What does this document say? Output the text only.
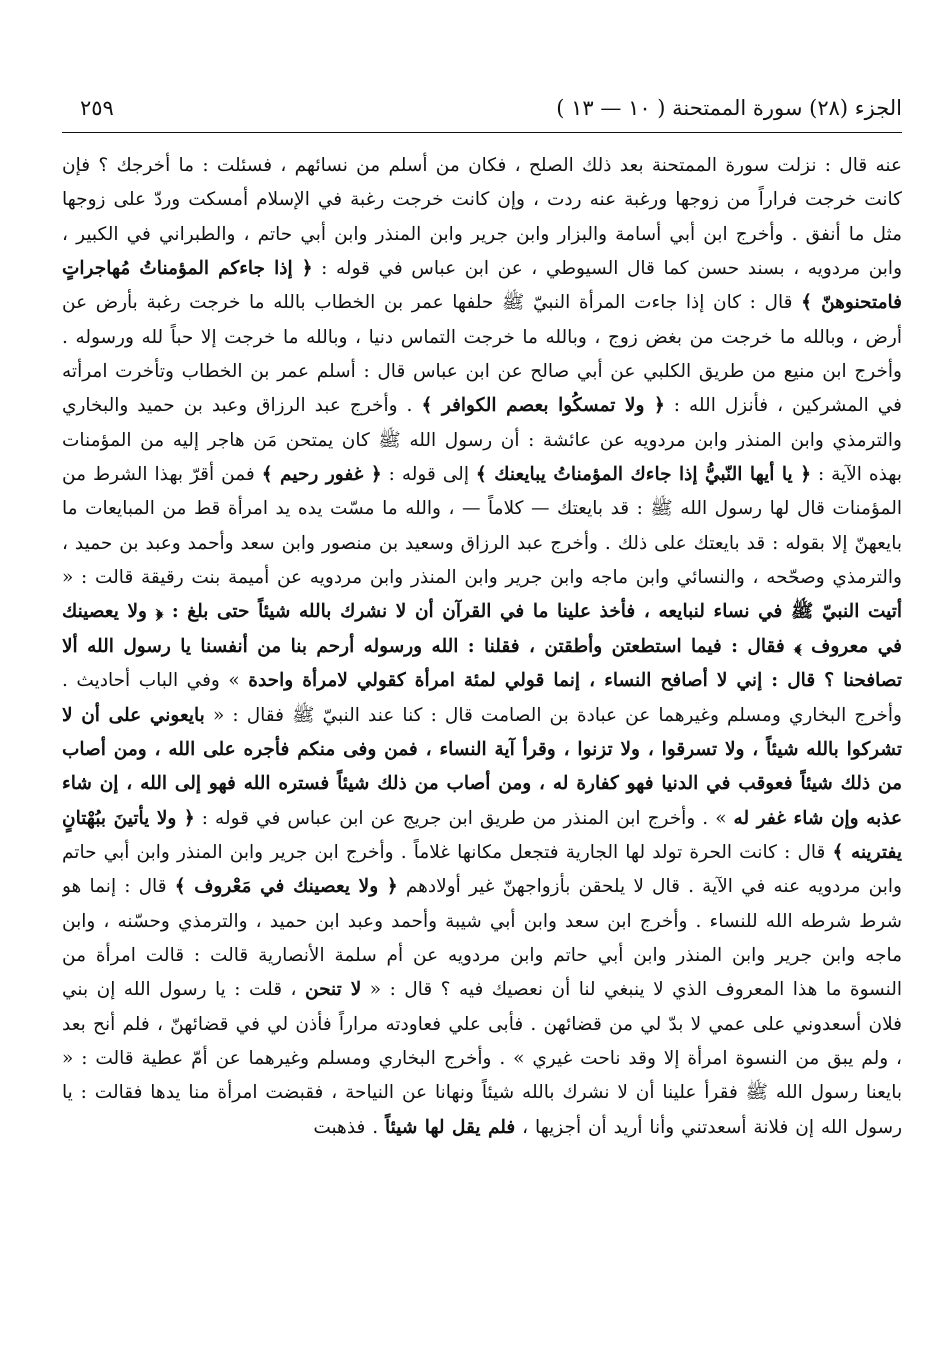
الجزء (٢٨) سورة الممتحنة ( ١٠ — ١٣ )
٢٥٩

عنه قال : نزلت سورة الممتحنة بعد ذلك الصلح ، فكان من أسلم من نسائهم ، فسئلت : ما أخرجك ؟ فإن كانت خرجت فراراً من زوجها ورغبة عنه ردت ، وإن كانت خرجت رغبة في الإسلام أمسكت وردّ على زوجها مثل ما أنفق . وأخرج ابن أبي أسامة والبزار وابن جرير وابن المنذر وابن أبي حاتم ، والطبراني في الكبير ، وابن مردويه ، بسند حسن كما قال السيوطي ، عن ابن عباس في قوله : ﴿ إذا جاءكم المؤمناتُ مُهاجراتٍ فامتحنوهنّ ﴾ قال : كان إذا جاءت المرأة النبيّ ﷺ حلفها عمر بن الخطاب بالله ما خرجت رغبة بأرض عن أرض ، وبالله ما خرجت من بغض زوج ، وبالله ما خرجت التماس دنيا ، وبالله ما خرجت إلا حباً لله ورسوله . وأخرج ابن منيع من طريق الكلبي عن أبي صالح عن ابن عباس قال : أسلم عمر بن الخطاب وتأخرت امرأته في المشركين ، فأنزل الله : ﴿ ولا تمسكُوا بعصم الكوافر ﴾ . وأخرج عبد الرزاق وعبد بن حميد والبخاري والترمذي وابن المنذر وابن مردويه عن عائشة : أن رسول الله ﷺ كان يمتحن مَن هاجر إليه من المؤمنات بهذه الآية : ﴿ يا أيها النّبيُّ إذا جاءك المؤمناتُ يبايعنك ﴾ إلى قوله : ﴿ غفور رحيم ﴾ فمن أقرّ بهذا الشرط من المؤمنات قال لها رسول الله ﷺ : قد بايعتك — كلاماً — ، والله ما مسّت يده يد امرأة قط من المبايعات ما بايعهنّ إلا بقوله : قد بايعتك على ذلك . وأخرج عبد الرزاق وسعيد بن منصور وابن سعد وأحمد وعبد بن حميد ، والترمذي وصحّحه ، والنسائي وابن ماجه وابن جرير وابن المنذر وابن مردويه عن أميمة بنت رقيقة قالت : « أتيت النبيّ ﷺ في نساء لنبايعه ، فأخذ علينا ما في القرآن أن لا نشرك بالله شيئاً حتى بلغ : ﴿ ولا يعصينك في معروف ﴾ فقال : فيما استطعتن وأطقتن ، فقلنا : الله ورسوله أرحم بنا من أنفسنا يا رسول الله ألا تصافحنا ؟ قال : إني لا أصافح النساء ، إنما قولي لمئة امرأة كقولي لامرأة واحدة » وفي الباب أحاديث . وأخرج البخاري ومسلم وغيرهما عن عبادة بن الصامت قال : كنا عند النبيّ ﷺ فقال : « بايعوني على أن لا تشركوا بالله شيئاً ، ولا تسرقوا ، ولا تزنوا ، وقرأ آية النساء ، فمن وفى منكم فأجره على الله ، ومن أصاب من ذلك شيئاً فعوقب في الدنيا فهو كفارة له ، ومن أصاب من ذلك شيئاً فستره الله فهو إلى الله ، إن شاء عذبه وإن شاء غفر له » . وأخرج ابن المنذر من طريق ابن جريج عن ابن عباس في قوله : ﴿ ولا يأتينَ ببُهْتانٍ يفترينه ﴾ قال : كانت الحرة تولد لها الجارية فتجعل مكانها غلاماً . وأخرج ابن جرير وابن المنذر وابن أبي حاتم وابن مردويه عنه في الآية . قال لا يلحقن بأزواجهنّ غير أولادهم ﴿ ولا يعصينك في مَعْروف ﴾ قال : إنما هو شرط شرطه الله للنساء . وأخرج ابن سعد وابن أبي شيبة وأحمد وعبد ابن حميد ، والترمذي وحسّنه ، وابن ماجه وابن جرير وابن المنذر وابن أبي حاتم وابن مردويه عن أم سلمة الأنصارية قالت : قالت امرأة من النسوة ما هذا المعروف الذي لا ينبغي لنا أن نعصيك فيه ؟ قال : « لا تنحن ، قلت : يا رسول الله إن بني فلان أسعدوني على عمي لا بدّ لي من قضائهن . فأبى علي فعاودته مراراً فأذن لي في قضائهنّ ، فلم أنح بعد ، ولم يبق من النسوة امرأة إلا وقد ناحت غيري » . وأخرج البخاري ومسلم وغيرهما عن أمّ عطية قالت : « بايعنا رسول الله ﷺ فقرأ علينا أن لا نشرك بالله شيئاً ونهانا عن النياحة ، فقبضت امرأة منا يدها فقالت : يا رسول الله إن فلانة أسعدتني وأنا أريد أن أجزيها ، فلم يقل لها شيئاً . فذهبت
